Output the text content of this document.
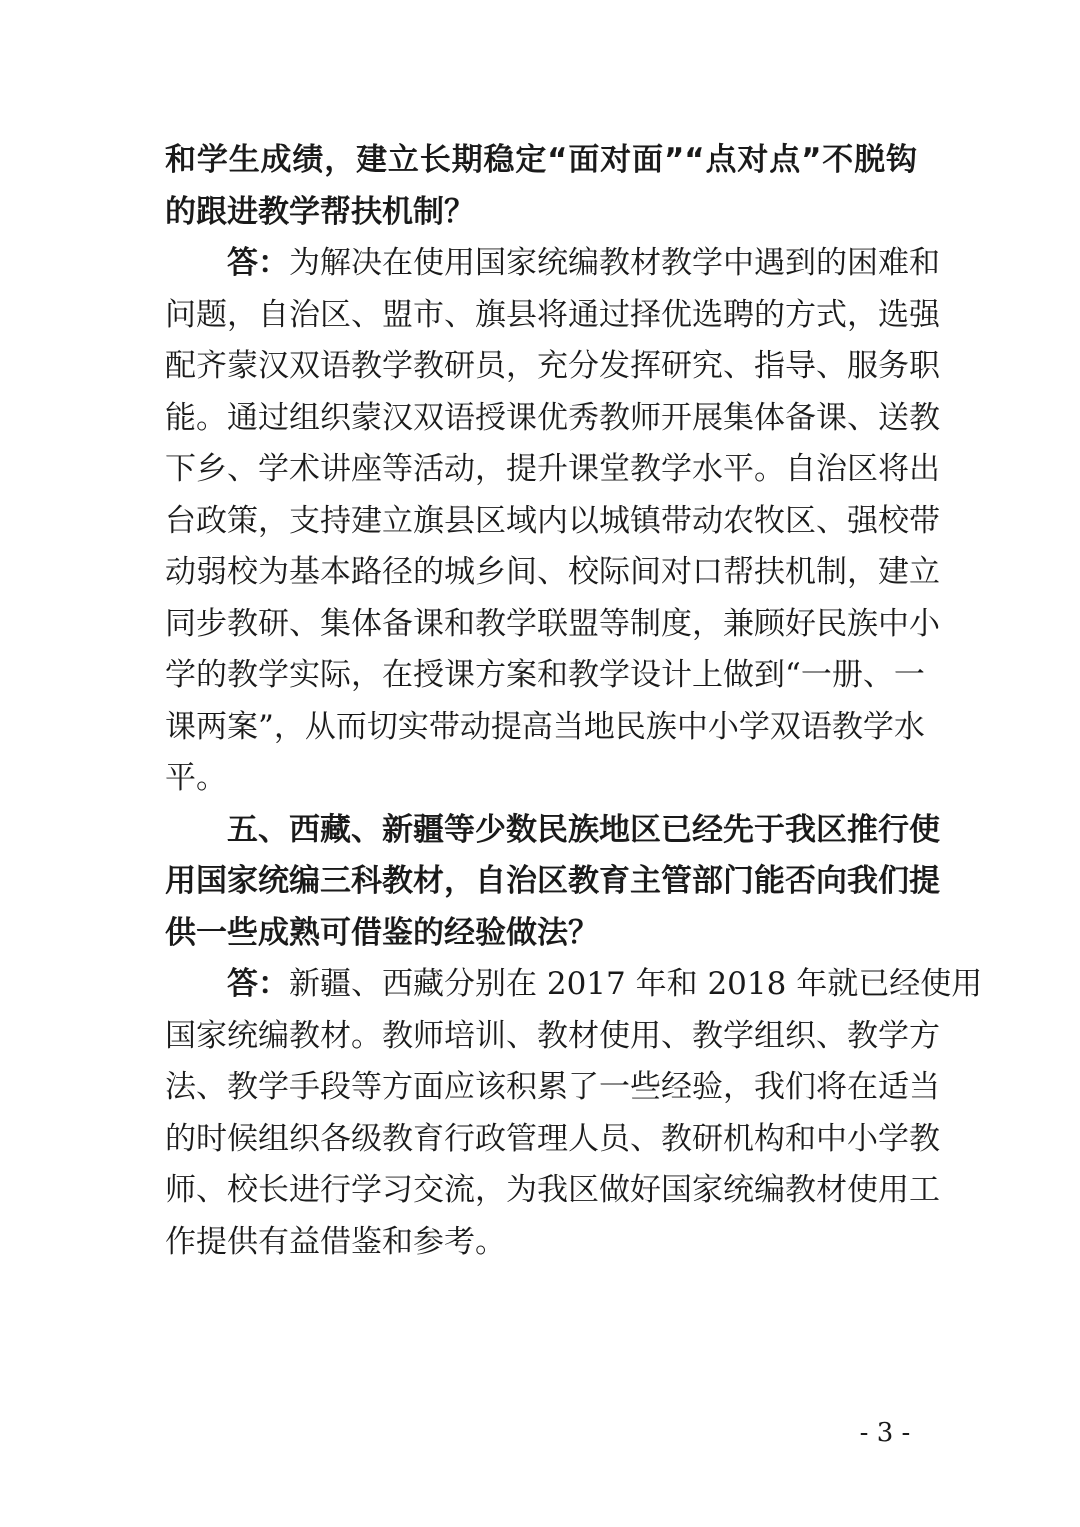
和学生成绩，建立长期稳定“面对面”“点对点”不脱钩
的跟进教学帮扶机制？
答：为解决在使用国家统编教材教学中遇到的困难和
问题，自治区、盟市、旗县将通过择优选聘的方式，选强
配齐蒙汉双语教学教研员，充分发挥研究、指导、服务职
能。通过组织蒙汉双语授课优秀教师开展集体备课、送教
下乡、学术讲座等活动，提升课堂教学水平。自治区将出
台政策，支持建立旗县区域内以城镇带动农牧区、强校带
动弱校为基本路径的城乡间、校际间对口帮扶机制，建立
同步教研、集体备课和教学联盟等制度，兼顾好民族中小
学的教学实际，在授课方案和教学设计上做到“一册、一
课两案”，从而切实带动提高当地民族中小学双语教学水
平。
五、西藏、新疆等少数民族地区已经先于我区推行使
用国家统编三科教材，自治区教育主管部门能否向我们提
供一些成熟可借鉴的经验做法？
答：新疆、西藏分别在 2017 年和 2018 年就已经使用
国家统编教材。教师培训、教材使用、教学组织、教学方
法、教学手段等方面应该积累了一些经验，我们将在适当
的时候组织各级教育行政管理人员、教研机构和中小学教
师、校长进行学习交流，为我区做好国家统编教材使用工
作提供有益借鉴和参考。
- 3 -
